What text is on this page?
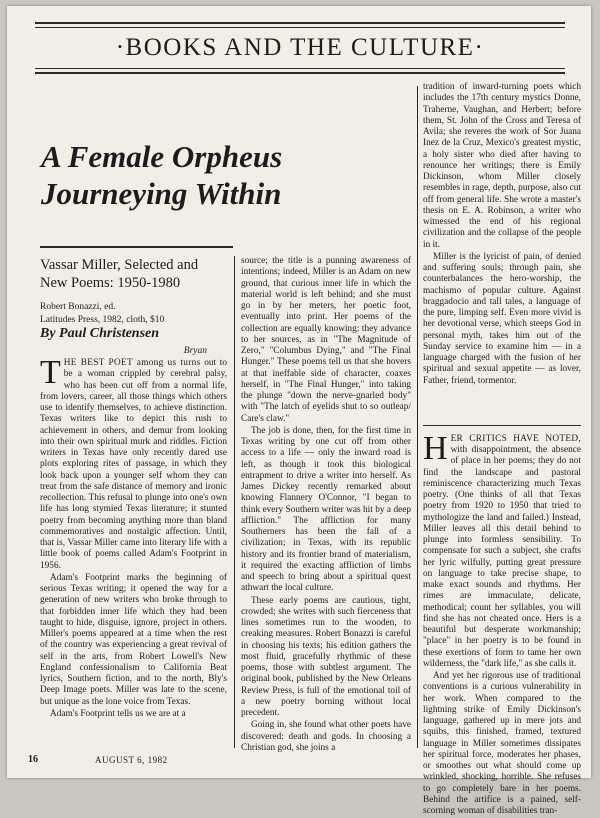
·BOOKS AND THE CULTURE·
A Female Orpheus
Journeying Within
Vassar Miller, Selected and New Poems: 1950-1980
Robert Bonazzi, ed.
Latitudes Press, 1982, cloth, $10
By Paul Christensen
Bryan

T HE BEST POET among us turns out to be a woman crippled by cerebral palsy, who has been cut off from a normal life, from lovers, career, all those things which others use to identify themselves, to achieve distinction. Texas writers like to depict this rush to achievement in others, and demur from looking into their own spiritual murk and riddles. Fiction writers in Texas have only recently dared use plots exploring rites of passage, in which they look back upon a younger self whom they can treat from the safe distance of memory and ironic recollection. This refusal to plunge into one's own life has long stymied Texas literature; it stunted poetry from becoming anything more than bland commemoratives and nostalgic affection. Until, that is, Vassar Miller came into literary life with a little book of poems called Adam's Footprint in 1956.

Adam's Footprint marks the beginning of serious Texas writing; it opened the way for a generation of new writers who broke through to that forbidden inner life which they had been taught to hide, disguise, ignore, project in others. Miller's poems appeared at a time when the rest of the country was experiencing a great revival of self in the arts, from Robert Lowell's New England confessionalism to California Beat lyrics, Southern fiction, and to the north, Bly's Deep Image poets. Miller was late to the scene, but unique as the lone voice from Texas.

Adam's Footprint tells us we are at a

source; the title is a punning awareness of intentions; indeed, Miller is an Adam on new ground, that curious inner life in which the material world is left behind; and she must go in by her meters, her poetic foot, eventually into print. Her poems of the collection are equally knowing: they advance to her sources, as in "The Magnitude of Zero," "Columbus Dying," and "The Final Hunger." These poems tell us that she hovers at that ineffable side of character, coaxes herself, in "The Final Hunger," into taking the plunge "down the nerve-gnarled body" with "The latch of eyelids shut to so outleap/ Care's claw."

The job is done, then, for the first time in Texas writing by one cut off from other access to a life — only the inward road is left, as though it took this biological entrapment to drive a writer into herself. As James Dickey recently remarked about knowing Flannery O'Connor, "I began to think every Southern writer was hit by a deep affliction." The affliction for many Southerners has been the fall of a civilization; in Texas, with its republic history and its frontier brand of materialism, it required the exacting affliction of limbs and speech to bring about a spiritual quest athwart the local culture.

These early poems are cautious, tight, crowded; she writes with such fierceness that lines sometimes run to the wooden, to creaking measures. Robert Bonazzi is careful in choosing his texts; his edition gathers the most fluid, gracefully rhythmic of these poems, those with subtlest argument. The original book, published by the New Orleans Review Press, is full of the emotional toil of a new poetry borning without local precedent.

Going in, she found what other poets have discovered: death and gods. In choosing a Christian god, she joins a

tradition of inward-turning poets which includes the 17th century mystics Donne, Traherne, Vaughan, and Herbert; before them, St. John of the Cross and Teresa of Avila; she reveres the work of Sor Juana Inez de la Cruz, Mexico's greatest mystic, a holy sister who died after having to renounce her writings; there is Emily Dickinson, whom Miller closely resembles in rage, depth, purpose, also cut off from general life. She wrote a master's thesis on E. A. Robinson, a writer who witnessed the end of his regional civilization and the collapse of the people in it.

Miller is the lyricist of pain, of denied and suffering souls; through pain, she counterbalances the hero-worship, the machismo of popular culture. Against braggadocio and tall tales, a language of the pure, limping self. Even more vivid is her devotional verse, which steeps God in personal myth, takes him out of the Sunday service to examine him — in a language charged with the fusion of her spiritual and sexual appetite — as lover, Father, friend, tormentor.

H ER CRITICS HAVE NOTED, with disappointment, the absence of place in her poems; they do not find the landscape and pastoral reminiscence characterizing much Texas poetry. (One thinks of all that Texas poetry from 1920 to 1950 that tried to mythologize the land and failed.) Instead, Miller leaves all this detail behind to plunge into formless sensibility. To compensate for such a subject, she crafts her lyric wilfully, putting great pressure on language to take precise shape, to make exact sounds and rhythms. Her rimes are immaculate, delicate, methodical; count her syllables, you will find she has not cheated once. Hers is a beautiful but desperate workmanship; "place" in her poetry is to be found in these exertions of form to tame her own wilderness, the "dark life," as she calls it.

And yet her rigorous use of traditional conventions is a curious vulnerability in her work. When compared to the lightning strike of Emily Dickinson's language, gathered up in mere jots and squibs, this finished, framed, textured language in Miller sometimes dissipates her spiritual force, moderates her phases, or smoothes out what should come up wrinkled, shocking, horrible. She refuses to go completely bare in her poems. Behind the artifice is a pained, self-scorning woman of disabilities tran-

16	AUGUST 6, 1982
